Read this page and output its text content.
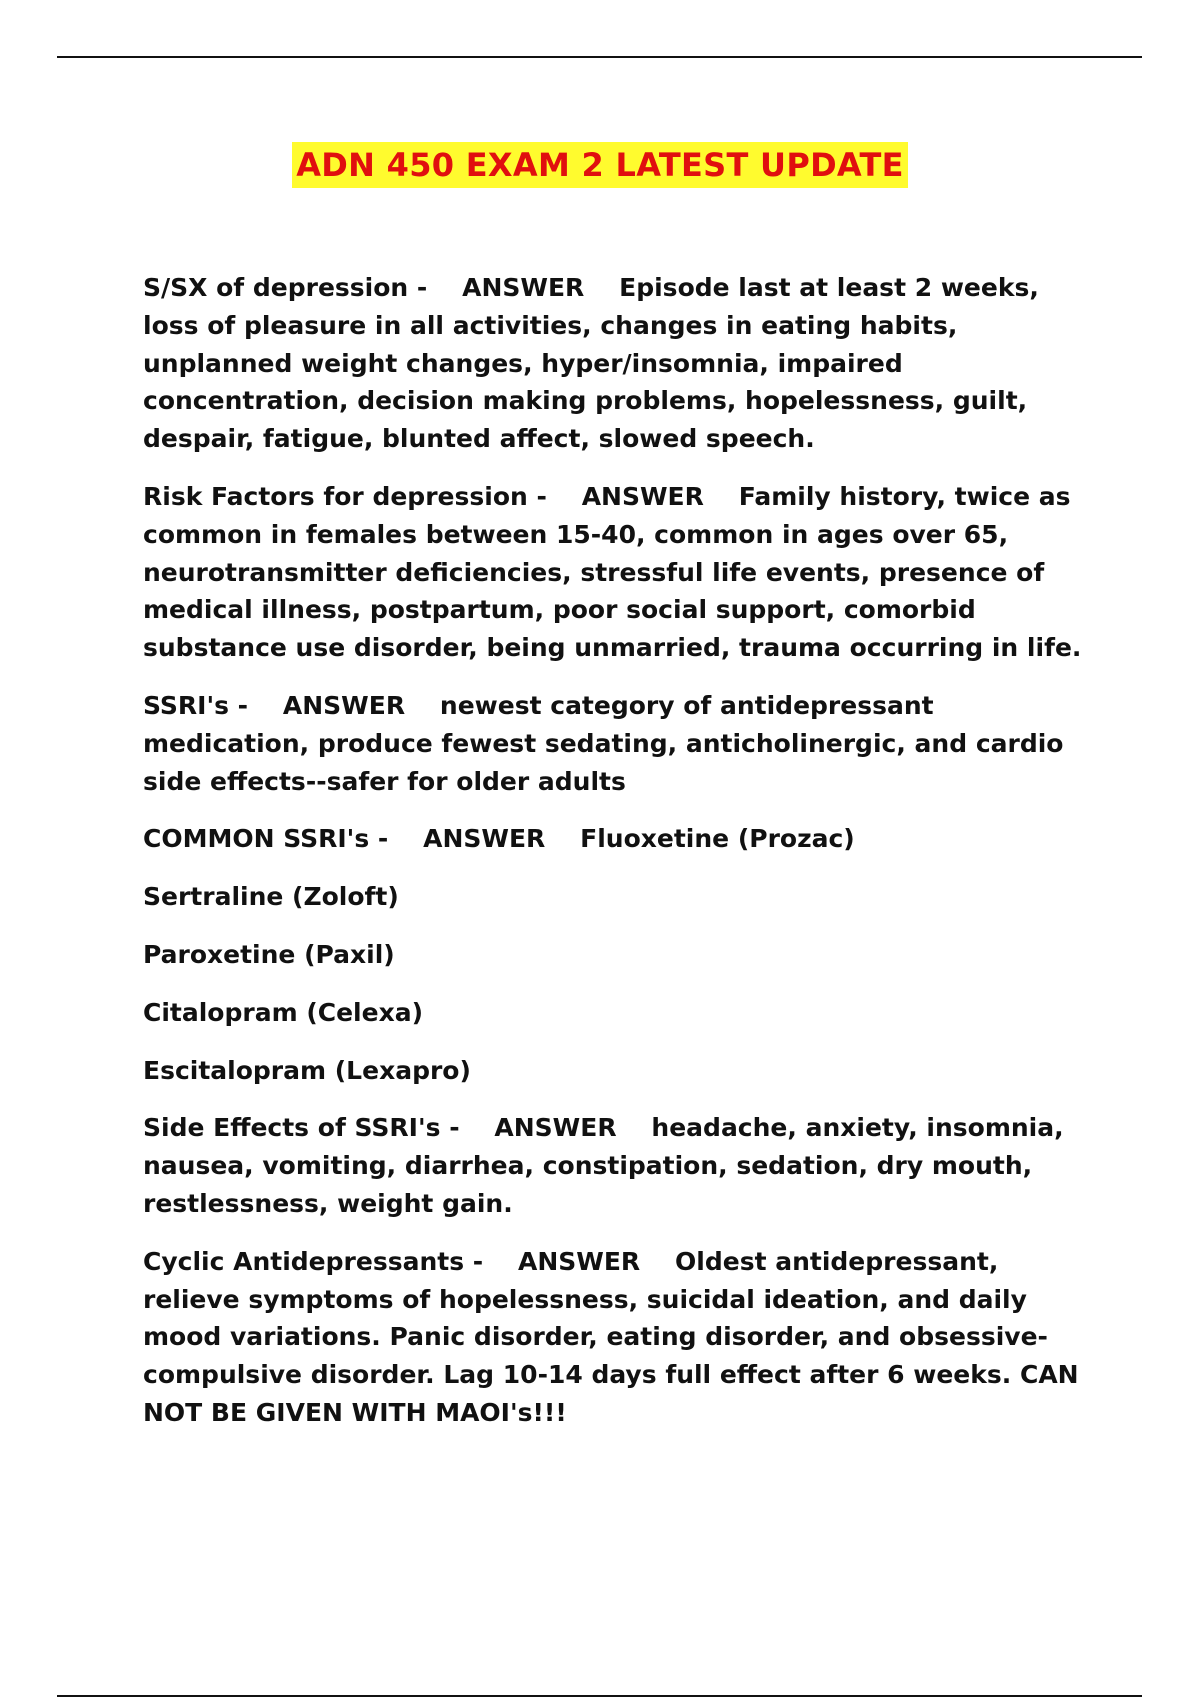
ADN 450 EXAM 2 LATEST UPDATE

S/SX of depression - ANSWER Episode last at least 2 weeks, loss of pleasure in all activities, changes in eating habits, unplanned weight changes, hyper/insomnia, impaired concentration, decision making problems, hopelessness, guilt, despair, fatigue, blunted affect, slowed speech.

Risk Factors for depression - ANSWER Family history, twice as common in females between 15-40, common in ages over 65, neurotransmitter deficiencies, stressful life events, presence of medical illness, postpartum, poor social support, comorbid substance use disorder, being unmarried, trauma occurring in life.

SSRI's - ANSWER newest category of antidepressant medication, produce fewest sedating, anticholinergic, and cardio side effects--safer for older adults

COMMON SSRI's - ANSWER Fluoxetine (Prozac)

Sertraline (Zoloft)

Paroxetine (Paxil)

Citalopram (Celexa)

Escitalopram (Lexapro)

Side Effects of SSRI's - ANSWER headache, anxiety, insomnia, nausea, vomiting, diarrhea, constipation, sedation, dry mouth, restlessness, weight gain.

Cyclic Antidepressants - ANSWER Oldest antidepressant, relieve symptoms of hopelessness, suicidal ideation, and daily mood variations. Panic disorder, eating disorder, and obsessive-compulsive disorder. Lag 10-14 days full effect after 6 weeks. CAN NOT BE GIVEN WITH MAOI's!!!
